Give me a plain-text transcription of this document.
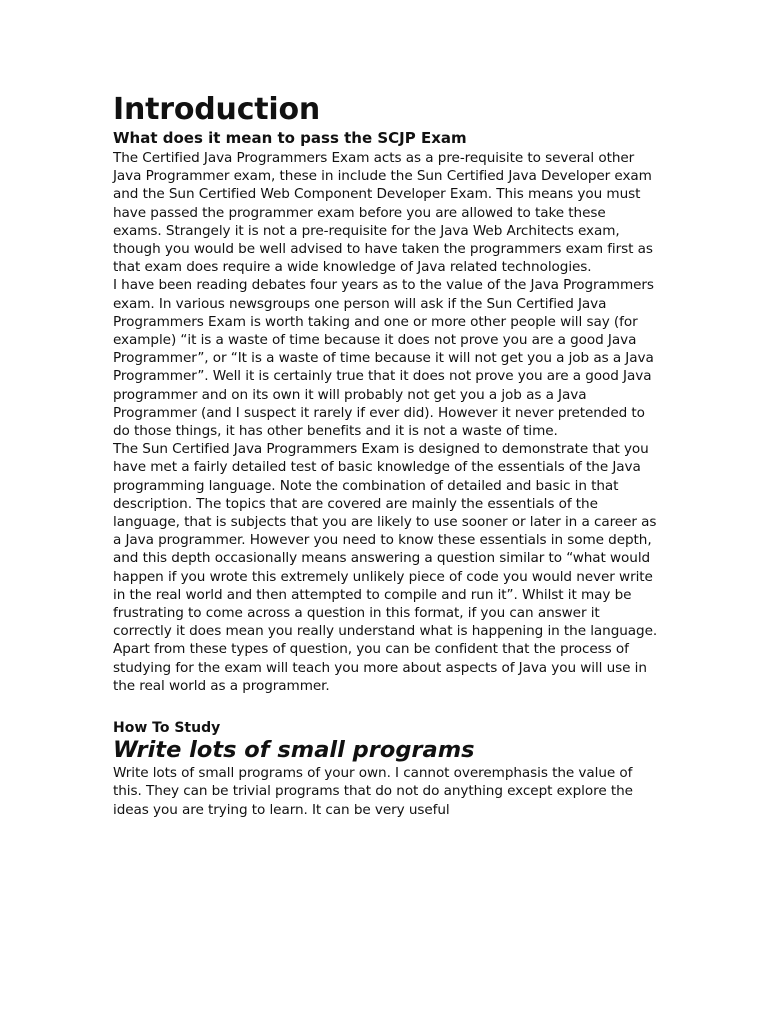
Introduction
What does it mean to pass the SCJP Exam

The Certified Java Programmers Exam acts as a pre-requisite to several other Java Programmer exam, these in include the Sun Certified Java Developer exam and the Sun Certified Web Component Developer Exam. This means you must have passed the programmer exam before you are allowed to take these exams. Strangely it is not a pre-requisite for the Java Web Architects exam, though you would be well advised to have taken the programmers exam first as that exam does require a wide knowledge of Java related technologies.

I have been reading debates four years as to the value of the Java Programmers exam. In various newsgroups one person will ask if the Sun Certified Java Programmers Exam is worth taking and one or more other people will say (for example) “it is a waste of time because it does not prove you are a good Java Programmer”, or “It is a waste of time because it will not get you a job as a Java Programmer”. Well it is certainly true that it does not prove you are a good Java programmer and on its own it will probably not get you a job as a Java Programmer (and I suspect it rarely if ever did). However it never pretended to do those things, it has other benefits and it is not a waste of time.

The Sun Certified Java Programmers Exam is designed to demonstrate that you have met a fairly detailed test of basic knowledge of the essentials of the Java programming language. Note the combination of detailed and basic in that description. The topics that are covered are mainly the essentials of the language, that is subjects that you are likely to use sooner or later in a career as a Java programmer. However you need to know these essentials in some depth, and this depth occasionally means answering a question similar to “what would happen if you wrote this extremely unlikely piece of code you would never write in the real world and then attempted to compile and run it”. Whilst it may be frustrating to come across a question in this format, if you can answer it correctly it does mean you really understand what is happening in the language. Apart from these types of question, you can be confident that the process of studying for the exam will teach you more about aspects of Java you will use in the real world as a programmer.

How To Study
Write lots of small programs

Write lots of small programs of your own. I cannot overemphasis the value of this. They can be trivial programs that do not do anything except explore the ideas you are trying to learn. It can be very useful
